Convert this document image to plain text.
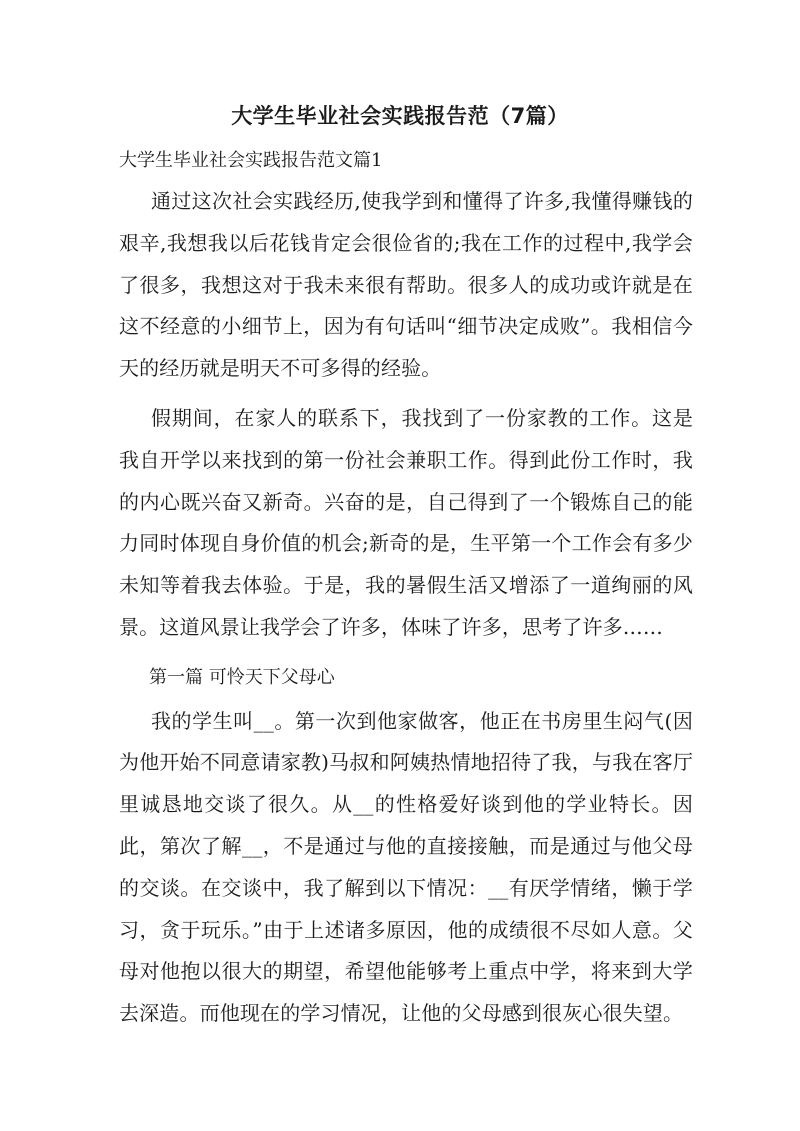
大学生毕业社会实践报告范（7篇）
大学生毕业社会实践报告范文篇1

通过这次社会实践经历,使我学到和懂得了许多,我懂得赚钱的艰辛,我想我以后花钱肯定会很俭省的;我在工作的过程中,我学会了很多，我想这对于我未来很有帮助。很多人的成功或许就是在这不经意的小细节上，因为有句话叫“细节决定成败”。我相信今天的经历就是明天不可多得的经验。

假期间，在家人的联系下，我找到了一份家教的工作。这是我自开学以来找到的第一份社会兼职工作。得到此份工作时，我的内心既兴奋又新奇。兴奋的是，自己得到了一个锻炼自己的能力同时体现自身价值的机会;新奇的是，生平第一个工作会有多少未知等着我去体验。于是，我的暑假生活又增添了一道绚丽的风景。这道风景让我学会了许多，体味了许多，思考了许多……

第一篇 可怜天下父母心

我的学生叫__。第一次到他家做客，他正在书房里生闷气(因为他开始不同意请家教)马叔和阿姨热情地招待了我，与我在客厅里诚恳地交谈了很久。从__的性格爱好谈到他的学业特长。因此，第次了解__，不是通过与他的直接接触，而是通过与他父母的交谈。在交谈中，我了解到以下情况：__有厌学情绪，懒于学习，贪于玩乐。”由于上述诸多原因，他的成绩很不尽如人意。父母对他抱以很大的期望，希望他能够考上重点中学，将来到大学去深造。而他现在的学习情况，让他的父母感到很灰心很失望。
